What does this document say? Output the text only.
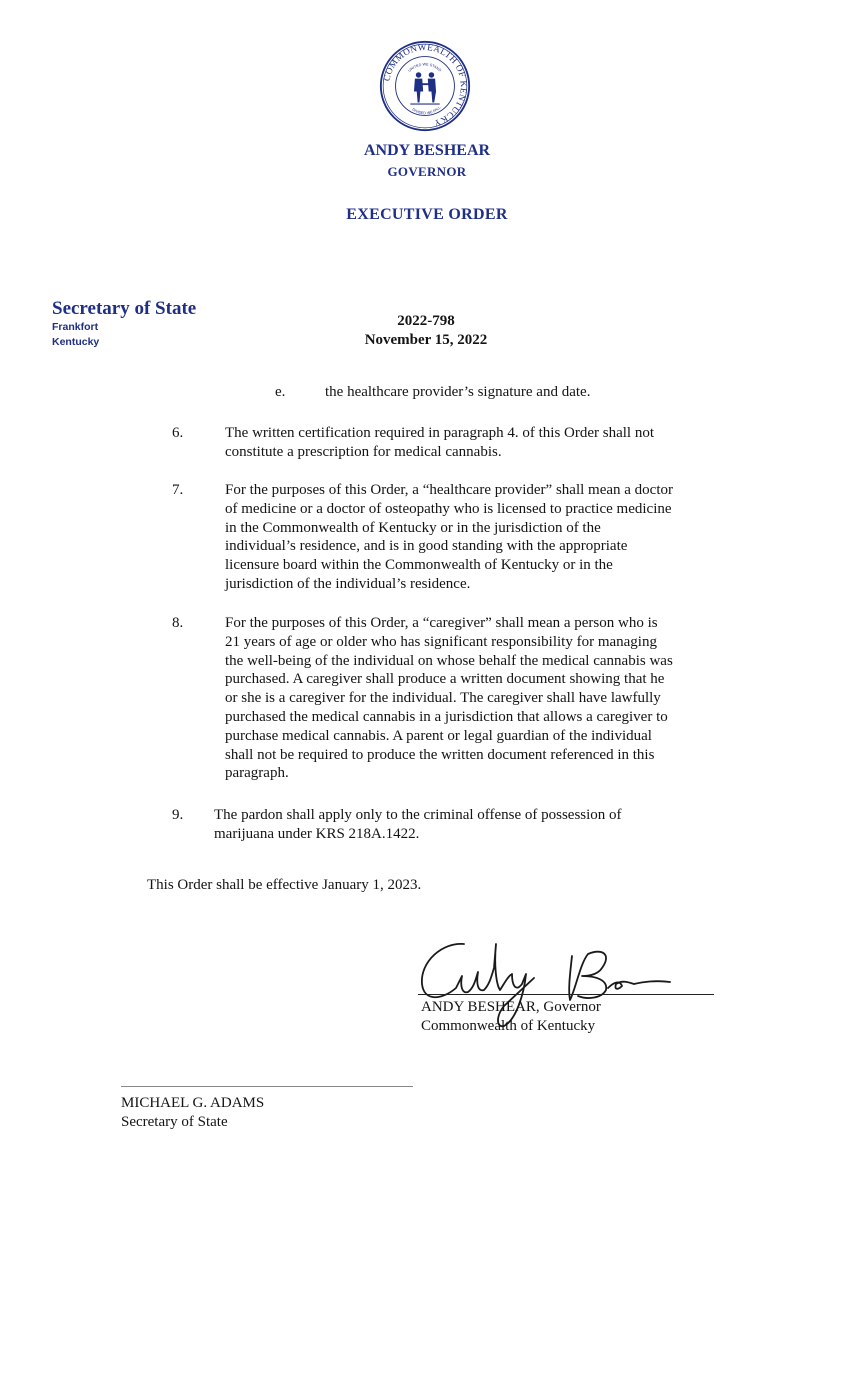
COMMONWEALTH OF KENTUCKY
UNITED WE STAND
DIVIDED WE FALL
ANDY BESHEAR
GOVERNOR
EXECUTIVE ORDER
Secretary of State
Frankfort
Kentucky
2022-798
November 15, 2022
e.	the healthcare provider’s signature and date.
6.	The written certification required in paragraph 4. of this Order shall not
constitute a prescription for medical cannabis.
7.	For the purposes of this Order, a “healthcare provider” shall mean a doctor
of medicine or a doctor of osteopathy who is licensed to practice medicine
in the Commonwealth of Kentucky or in the jurisdiction of the
individual’s residence, and is in good standing with the appropriate
licensure board within the Commonwealth of Kentucky or in the
jurisdiction of the individual’s residence.
8.	For the purposes of this Order, a “caregiver” shall mean a person who is
21 years of age or older who has significant responsibility for managing
the well-being of the individual on whose behalf the medical cannabis was
purchased. A caregiver shall produce a written document showing that he
or she is a caregiver for the individual. The caregiver shall have lawfully
purchased the medical cannabis in a jurisdiction that allows a caregiver to
purchase medical cannabis. A parent or legal guardian of the individual
shall not be required to produce the written document referenced in this
paragraph.
9. The pardon shall apply only to the criminal offense of possession of
marijuana under KRS 218A.1422.
This Order shall be effective January 1, 2023.
ANDY BESHEAR, Governor
Commonwealth of Kentucky
MICHAEL G. ADAMS
Secretary of State
